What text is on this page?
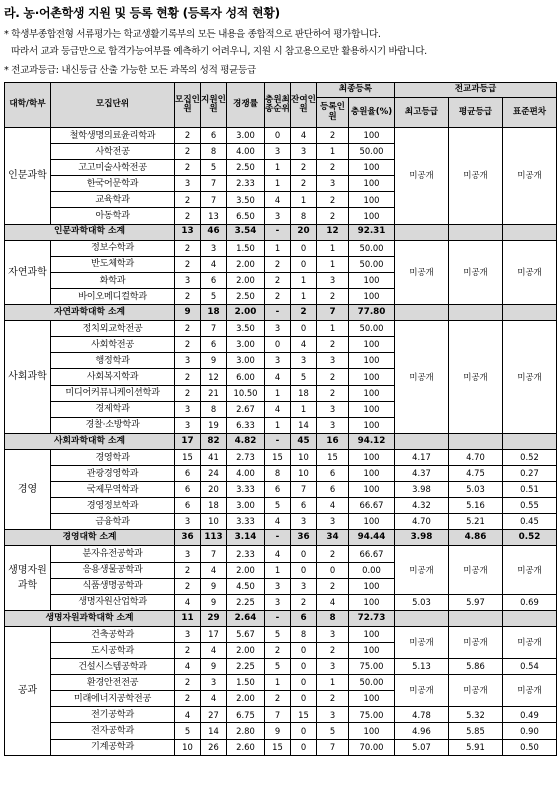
라. 농·어촌학생 지원 및 등록 현황 (등록자 성적 현황)
* 학생부종합전형 서류평가는 학교생활기록부의 모든 내용을 종합적으로 판단하여 평가합니다.
따라서 교과 등급만으로 합격가능여부를 예측하기 어려우니, 지원 시 참고용으로만 활용하시기 바랍니다.
* 전교과등급: 내신등급 산출 가능한 모든 과목의 성적 평균등급
대학/학부	모집단위	모집인원	지원인원	경쟁률	충원최종순위	잔여인원	최종등록		전교과등급		
							등록인원	충원율(%)	최고등급	평균등급	표준편차
인문과학	철학생명의료윤리학과	2	6	3.00	0	4	2	100	미공개	미공개	미공개
	사학전공	2	8	4.00	3	3	1	50.00			
	고고미술사학전공	2	5	2.50	1	2	2	100			
	한국어문학과	3	7	2.33	1	2	3	100			
	교육학과	2	7	3.50	4	1	2	100			
	아동학과	2	13	6.50	3	8	2	100			
인문과학대학 소계		13	46	3.54	-	20	12	92.31			
자연과학	정보수학과	2	3	1.50	1	0	1	50.00	미공개	미공개	미공개
	반도체학과	2	4	2.00	2	0	1	50.00			
	화학과	3	6	2.00	2	1	3	100			
	바이오메디컬학과	2	5	2.50	2	1	2	100			
자연과학대학 소계		9	18	2.00	-	2	7	77.80			
사회과학	정치외교학전공	2	7	3.50	3	0	1	50.00	미공개	미공개	미공개
	사회학전공	2	6	3.00	0	4	2	100			
	행정학과	3	9	3.00	3	3	3	100			
	사회복지학과	2	12	6.00	4	5	2	100			
	미디어커뮤니케이션학과	2	21	10.50	1	18	2	100			
	경제학과	3	8	2.67	4	1	3	100			
	경찰·소방학과	3	19	6.33	1	14	3	100			
사회과학대학 소계		17	82	4.82	-	45	16	94.12			
경영	경영학과	15	41	2.73	15	10	15	100	4.17	4.70	0.52
	관광경영학과	6	24	4.00	8	10	6	100	4.37	4.75	0.27
	국제무역학과	6	20	3.33	6	7	6	100	3.98	5.03	0.51
	경영정보학과	6	18	3.00	5	6	4	66.67	4.32	5.16	0.55
	금융학과	3	10	3.33	4	3	3	100	4.70	5.21	0.45
경영대학 소계		36	113	3.14	-	36	34	94.44	3.98	4.86	0.52
생명자원과학	분자유전공학과	3	7	2.33	4	0	2	66.67	미공개	미공개	미공개
	응용생물공학과	2	4	2.00	1	0	0	0.00			
	식품생명공학과	2	9	4.50	3	3	2	100			
	생명자원산업학과	4	9	2.25	3	2	4	100	5.03	5.97	0.69
생명자원과학대학 소계		11	29	2.64	-	6	8	72.73			
공과	건축공학과	3	17	5.67	5	8	3	100	미공개	미공개	미공개
	도시공학과	2	4	2.00	2	0	2	100			
	건설시스템공학과	4	9	2.25	5	0	3	75.00	5.13	5.86	0.54
	환경안전전공	2	3	1.50	1	0	1	50.00	미공개	미공개	미공개
	미래에너지공학전공	2	4	2.00	2	0	2	100			
	전기공학과	4	27	6.75	7	15	3	75.00	4.78	5.32	0.49
	전자공학과	5	14	2.80	9	0	5	100	4.96	5.85	0.90
	기계공학과	10	26	2.60	15	0	7	70.00	5.07	5.91	0.50
